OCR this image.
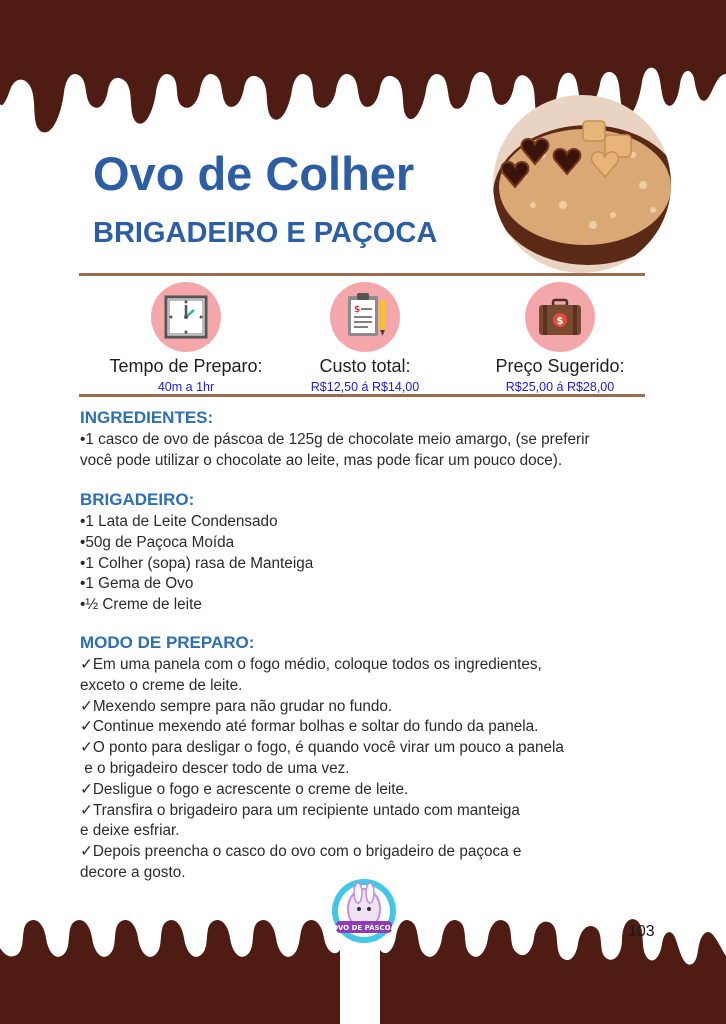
Ovo de Colher
BRIGADEIRO E PAÇOCA
Tempo de Preparo:
40m a 1hr
$
Custo total:
R$12,50 á R$14,00
$
Preço Sugerido:
R$25,00 á R$28,00
INGREDIENTES:
•1 casco de ovo de páscoa de 125g de chocolate meio amargo, (se preferir
você pode utilizar o chocolate ao leite, mas pode ficar um pouco doce).
BRIGADEIRO:
•1 Lata de Leite Condensado
•50g de Paçoca Moída
•1 Colher (sopa) rasa de Manteiga
•1 Gema de Ovo
•½ Creme de leite
MODO DE PREPARO:
✓Em uma panela com o fogo médio, coloque todos os ingredientes,
exceto o creme de leite.
✓Mexendo sempre para não grudar no fundo.
✓Continue mexendo até formar bolhas e soltar do fundo da panela.
✓O ponto para desligar o fogo, é quando você virar um pouco a panela
e o brigadeiro descer todo de uma vez.
✓Desligue o fogo e acrescente o creme de leite.
✓Transfira o brigadeiro para um recipiente untado com manteiga
e deixe esfriar.
✓Depois preencha o casco do ovo com o brigadeiro de paçoca e
decore a gosto.
OVO DE PÁSCOA	103
